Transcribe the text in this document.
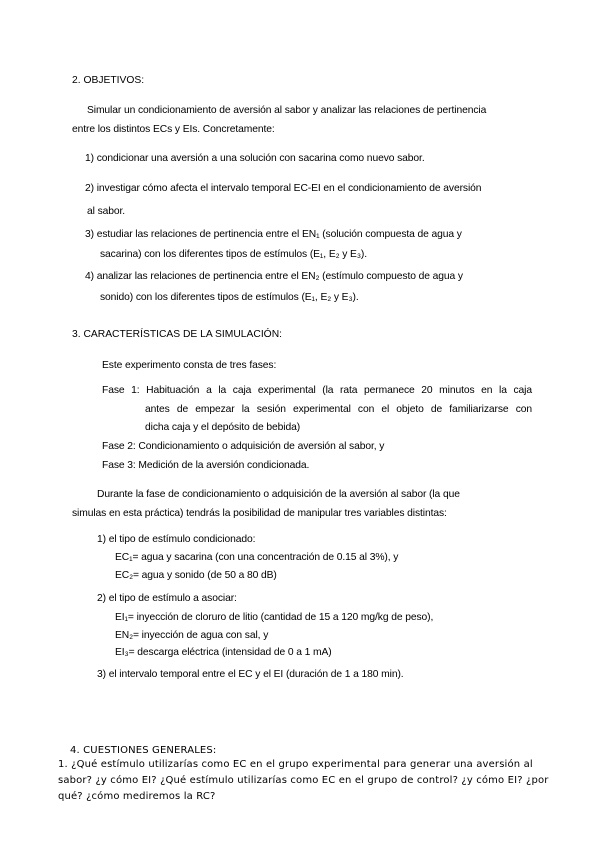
2. OBJETIVOS:
Simular un condicionamiento de aversión al sabor y analizar las relaciones de pertinencia
entre los distintos ECs y EIs. Concretamente:
1) condicionar una aversión a una solución con sacarina como nuevo sabor.
2) investigar cómo afecta el intervalo temporal EC-EI en el condicionamiento de aversión
al sabor.
3) estudiar las relaciones de pertinencia entre el EN₁ (solución compuesta de agua y
sacarina) con los diferentes tipos de estímulos (E₁, E₂ y E₃).
4) analizar las relaciones de pertinencia entre el EN₂ (estímulo compuesto de agua y
sonido) con los diferentes tipos de estímulos (E₁, E₂ y E₃).
3. CARACTERÍSTICAS DE LA SIMULACIÓN:
Este experimento consta de tres fases:
Fase 1: Habituación a la caja experimental (la rata permanece 20 minutos en la caja
antes de empezar la sesión experimental con el objeto de familiarizarse con
dicha caja y el depósito de bebida)
Fase 2: Condicionamiento o adquisición de aversión al sabor, y
Fase 3: Medición de la aversión condicionada.
Durante la fase de condicionamiento o adquisición de la aversión al sabor (la que
simulas en esta práctica) tendrás la posibilidad de manipular tres variables distintas:
1) el tipo de estímulo condicionado:
EC₁= agua y sacarina (con una concentración de 0.15 al 3%), y
EC₂= agua y sonido (de 50 a 80 dB)
2) el tipo de estímulo a asociar:
EI₁= inyección de cloruro de litio (cantidad de 15 a 120 mg/kg de peso),
EN₂= inyección de agua con sal, y
EI₃= descarga eléctrica (intensidad de 0 a 1 mA)
3) el intervalo temporal entre el EC y el EI (duración de 1 a 180 min).
4. CUESTIONES GENERALES:
1. ¿Qué estímulo utilizarías como EC en el grupo experimental para generar una aversión al
sabor? ¿y cómo EI? ¿Qué estímulo utilizarías como EC en el grupo de control? ¿y cómo EI? ¿por
qué? ¿cómo mediremos la RC?
